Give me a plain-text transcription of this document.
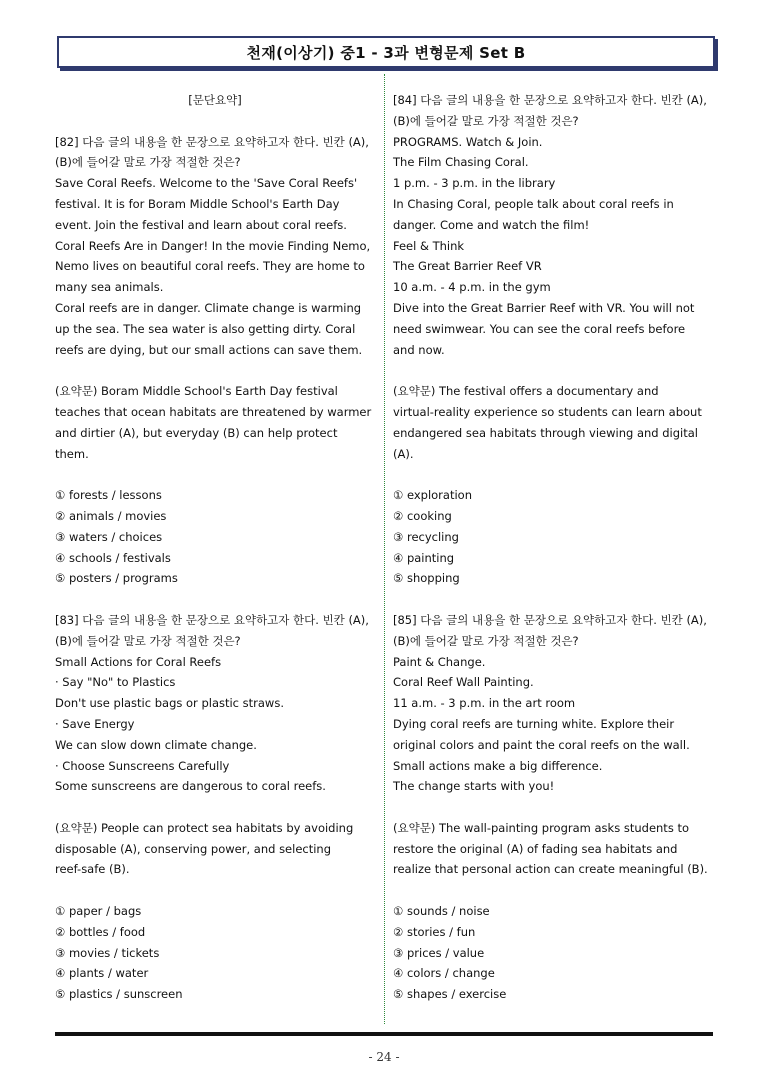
천재(이상기) 중1 - 3과 변형문제 Set B

[문단요약]

[82] 다음 글의 내용을 한 문장으로 요약하고자 한다. 빈칸 (A),

(B)에 들어갈 말로 가장 적절한 것은?

Save Coral Reefs. Welcome to the 'Save Coral Reefs'

festival. It is for Boram Middle School's Earth Day

event. Join the festival and learn about coral reefs.

Coral Reefs Are in Danger! In the movie Finding Nemo,

Nemo lives on beautiful coral reefs. They are home to

many sea animals.

Coral reefs are in danger. Climate change is warming

up the sea. The sea water is also getting dirty. Coral

reefs are dying, but our small actions can save them.

(요약문) Boram Middle School's Earth Day festival

teaches that ocean habitats are threatened by warmer

and dirtier (A), but everyday (B) can help protect

them.

① forests / lessons

② animals / movies

③ waters / choices

④ schools / festivals

⑤ posters / programs

[83] 다음 글의 내용을 한 문장으로 요약하고자 한다. 빈칸 (A),

(B)에 들어갈 말로 가장 적절한 것은?

Small Actions for Coral Reefs

· Say "No" to Plastics

Don't use plastic bags or plastic straws.

· Save Energy

We can slow down climate change.

· Choose Sunscreens Carefully

Some sunscreens are dangerous to coral reefs.

(요약문) People can protect sea habitats by avoiding

disposable (A), conserving power, and selecting

reef-safe (B).

① paper / bags

② bottles / food

③ movies / tickets

④ plants / water

⑤ plastics / sunscreen

[84] 다음 글의 내용을 한 문장으로 요약하고자 한다. 빈칸 (A),

(B)에 들어갈 말로 가장 적절한 것은?

PROGRAMS. Watch & Join.

The Film Chasing Coral.

1 p.m. - 3 p.m. in the library

In Chasing Coral, people talk about coral reefs in

danger. Come and watch the film!

Feel & Think

The Great Barrier Reef VR

10 a.m. - 4 p.m. in the gym

Dive into the Great Barrier Reef with VR. You will not

need swimwear. You can see the coral reefs before

and now.

(요약문) The festival offers a documentary and

virtual-reality experience so students can learn about

endangered sea habitats through viewing and digital

(A).

① exploration

② cooking

③ recycling

④ painting

⑤ shopping

[85] 다음 글의 내용을 한 문장으로 요약하고자 한다. 빈칸 (A),

(B)에 들어갈 말로 가장 적절한 것은?

Paint & Change.

Coral Reef Wall Painting.

11 a.m. - 3 p.m. in the art room

Dying coral reefs are turning white. Explore their

original colors and paint the coral reefs on the wall.

Small actions make a big difference.

The change starts with you!

(요약문) The wall-painting program asks students to

restore the original (A) of fading sea habitats and

realize that personal action can create meaningful (B).

① sounds / noise

② stories / fun

③ prices / value

④ colors / change

⑤ shapes / exercise

- 24 -
